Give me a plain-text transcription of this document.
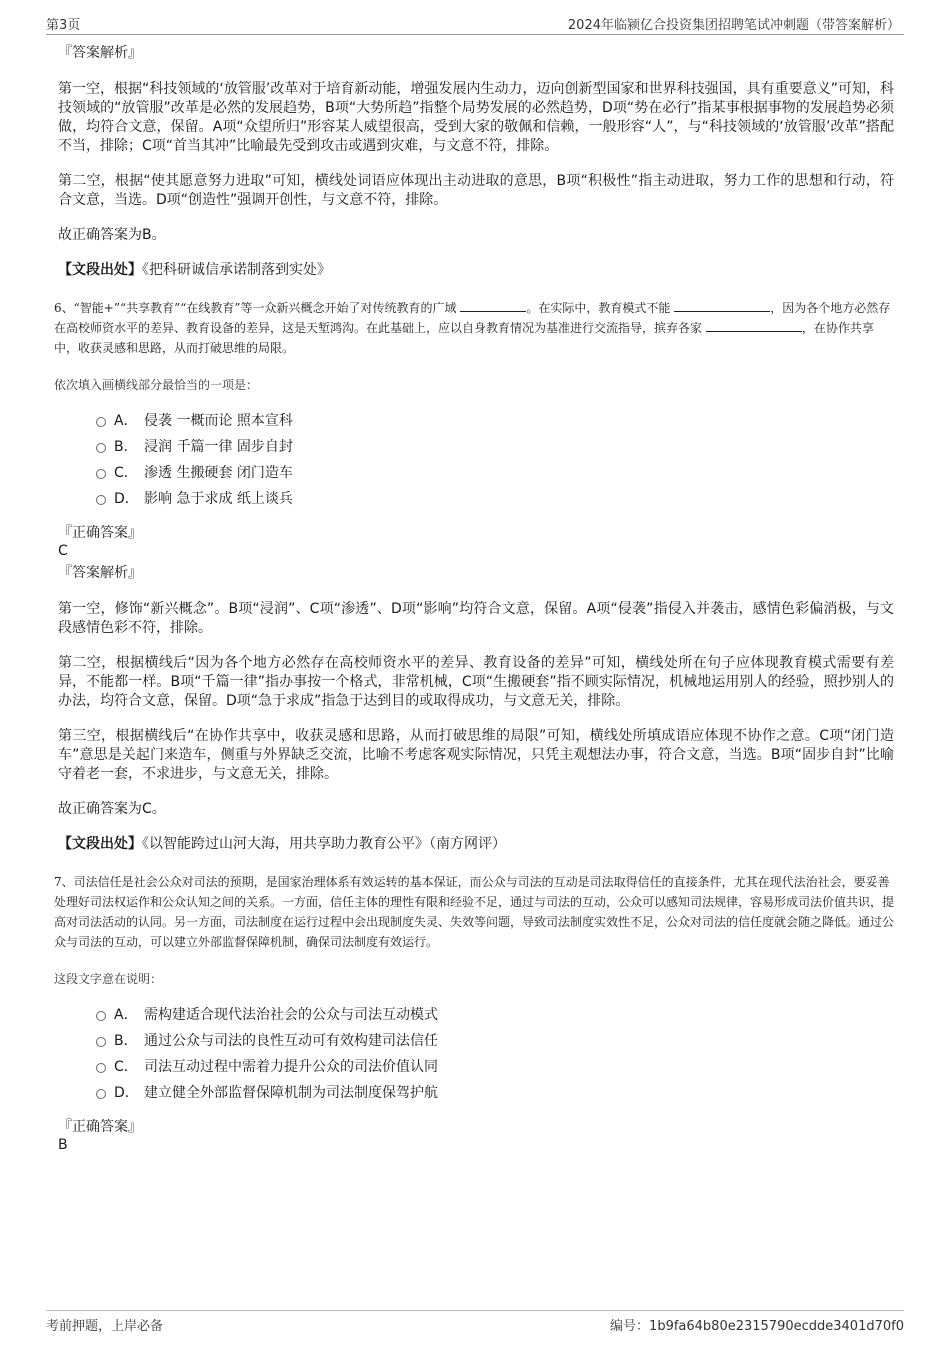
第3页	2024年临颍亿合投资集团招聘笔试冲刺题（带答案解析）

『答案解析』

第一空，根据“科技领域的‘放管服’改革对于培育新动能，增强发展内生动力，迈向创新型国家和世界科技强国，具有重要意义”可知，科技领域的“放管服”改革是必然的发展趋势，B项“大势所趋”指整个局势发展的必然趋势，D项“势在必行”指某事根据事物的发展趋势必须做，均符合文意，保留。A项“众望所归”形容某人威望很高，受到大家的敬佩和信赖，一般形容“人”，与“科技领域的‘放管服’改革”搭配不当，排除；C项“首当其冲”比喻最先受到攻击或遇到灾难，与文意不符，排除。

第二空，根据“使其愿意努力进取”可知，横线处词语应体现出主动进取的意思，B项“积极性”指主动进取，努力工作的思想和行动，符合文意，当选。D项“创造性”强调开创性，与文意不符，排除。

故正确答案为B。

【文段出处】《把科研诚信承诺制落到实处》

6、“智能+”“共享教育”“在线教育”等一众新兴概念开始了对传统教育的广域	。在实际中，教育模式不能	，因为各个地方必然存在高校师资水平的差异、教育设备的差异，这是天堑鸿沟。在此基础上，应以自身教育情况为基准进行交流指导，摈弃各家	，在协作共享中，收获灵感和思路，从而打破思维的局限。

依次填入画横线部分最恰当的一项是：

A． 侵袭 一概而论 照本宣科
B． 浸润 千篇一律 固步自封
C． 渗透 生搬硬套 闭门造车
D． 影响 急于求成 纸上谈兵

『正确答案』

C

『答案解析』

第一空，修饰“新兴概念”。B项“浸润”、C项“渗透”、D项“影响”均符合文意，保留。A项“侵袭”指侵入并袭击，感情色彩偏消极，与文段感情色彩不符，排除。

第二空，根据横线后“因为各个地方必然存在高校师资水平的差异、教育设备的差异”可知，横线处所在句子应体现教育模式需要有差异，不能都一样。B项“千篇一律”指办事按一个格式，非常机械，C项“生搬硬套”指不顾实际情况，机械地运用别人的经验，照抄别人的办法，均符合文意，保留。D项“急于求成”指急于达到目的或取得成功，与文意无关，排除。

第三空，根据横线后“在协作共享中，收获灵感和思路，从而打破思维的局限”可知，横线处所填成语应体现不协作之意。C项“闭门造车”意思是关起门来造车，侧重与外界缺乏交流，比喻不考虑客观实际情况，只凭主观想法办事，符合文意，当选。B项“固步自封”比喻守着老一套，不求进步，与文意无关，排除。

故正确答案为C。

【文段出处】《以智能跨过山河大海，用共享助力教育公平》（南方网评）

7、司法信任是社会公众对司法的预期，是国家治理体系有效运转的基本保证，而公众与司法的互动是司法取得信任的直接条件，尤其在现代法治社会，要妥善处理好司法权运作和公众认知之间的关系。一方面，信任主体的理性有限和经验不足，通过与司法的互动，公众可以感知司法规律，容易形成司法价值共识，提高对司法活动的认同。另一方面，司法制度在运行过程中会出现制度失灵、失效等问题，导致司法制度实效性不足，公众对司法的信任度就会随之降低。通过公众与司法的互动，可以建立外部监督保障机制，确保司法制度有效运行。

这段文字意在说明：

A． 需构建适合现代法治社会的公众与司法互动模式
B． 通过公众与司法的良性互动可有效构建司法信任
C． 司法互动过程中需着力提升公众的司法价值认同
D． 建立健全外部监督保障机制为司法制度保驾护航

『正确答案』

B

考前押题，上岸必备	编号：1b9fa64b80e2315790ecdde3401d70f0
